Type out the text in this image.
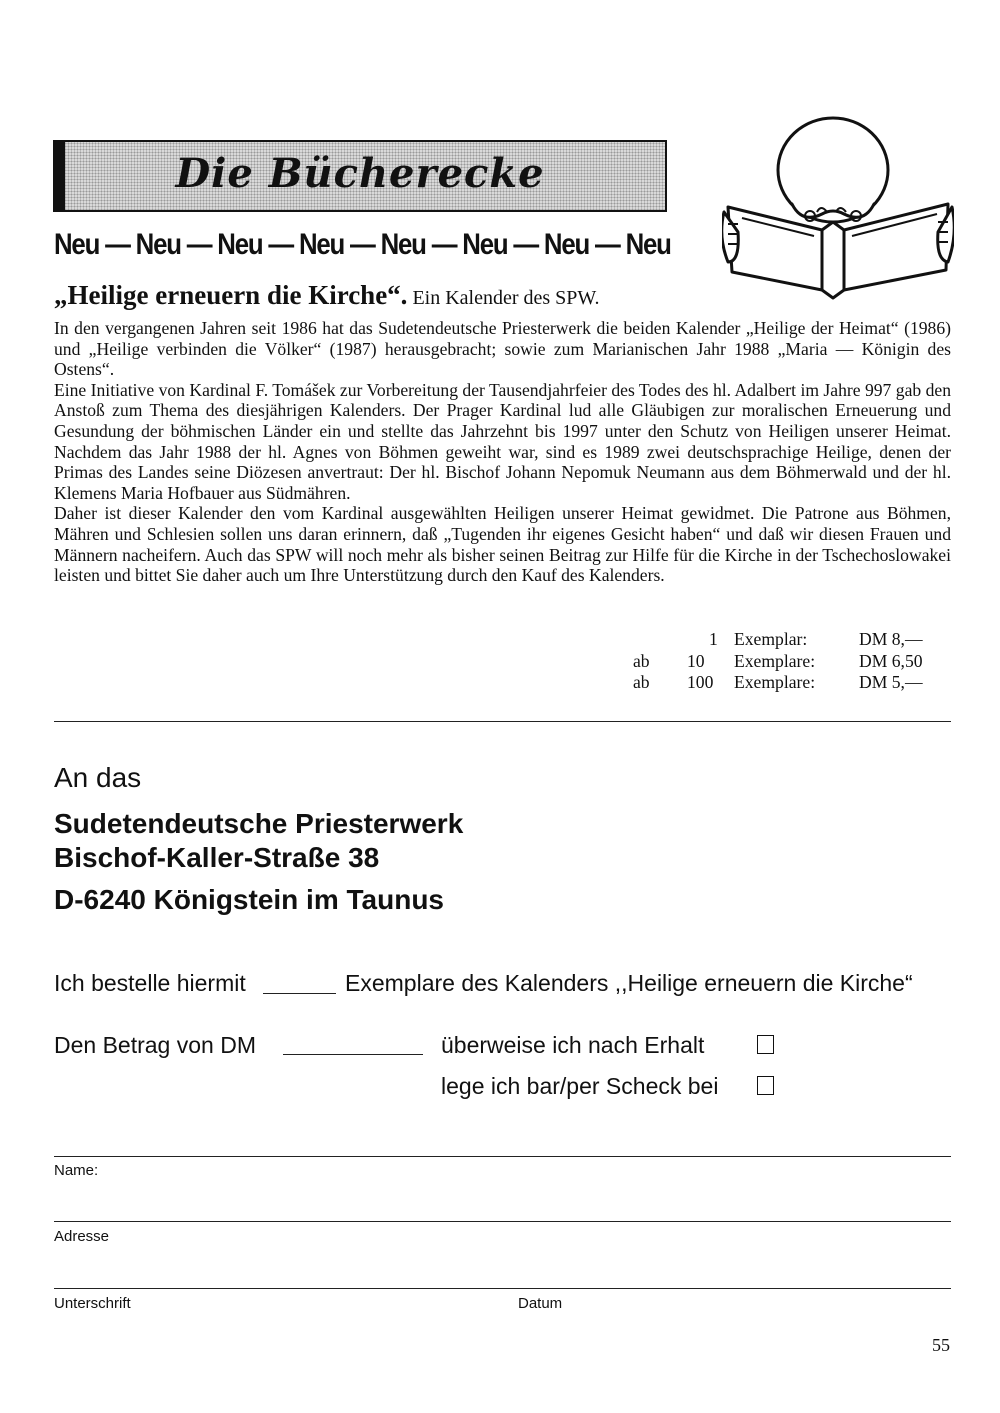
Die Bücherecke
Neu — Neu — Neu — Neu — Neu — Neu — Neu — Neu
„Heilige erneuern die Kirche“. Ein Kalender des SPW.

In den vergangenen Jahren seit 1986 hat das Sudetendeutsche Priesterwerk die beiden Kalender „Heilige der Heimat“ (1986) und „Heilige verbinden die Völker“ (1987) herausgebracht; sowie zum Marianischen Jahr 1988 „Maria — Königin des Ostens“.

Eine Initiative von Kardinal F. Tomášek zur Vorbereitung der Tausendjahrfeier des Todes des hl. Adalbert im Jahre 997 gab den Anstoß zum Thema des diesjährigen Kalenders. Der Prager Kardinal lud alle Gläubigen zur moralischen Erneuerung und Gesundung der böhmischen Länder ein und stellte das Jahrzehnt bis 1997 unter den Schutz von Heiligen unserer Heimat. Nachdem das Jahr 1988 der hl. Agnes von Böhmen geweiht war, sind es 1989 zwei deutschsprachige Heilige, denen der Primas des Landes seine Diözesen anvertraut: Der hl. Bischof Johann Nepomuk Neumann aus dem Böhmerwald und der hl. Klemens Maria Hofbauer aus Südmähren.

Daher ist dieser Kalender den vom Kardinal ausgewählten Heiligen unserer Heimat gewidmet. Die Patrone aus Böhmen, Mähren und Schlesien sollen uns daran erinnern, daß „Tugenden ihr eigenes Gesicht haben“ und daß wir diesen Frauen und Männern nacheifern. Auch das SPW will noch mehr als bisher seinen Beitrag zur Hilfe für die Kirche in der Tschechoslowakei leisten und bittet Sie daher auch um Ihre Unterstützung durch den Kauf des Kalenders.

1 Exemplar:	DM 8,—
ab 10 Exemplare: DM 6,50
ab 100 Exemplare: DM 5,—
An das
Sudetendeutsche Priesterwerk
Bischof-Kaller-Straße 38
D-6240 Königstein im Taunus
Ich bestelle hiermit	Exemplare des Kalenders ,,Heilige erneuern die Kirche“
Den Betrag von DM	überweise ich nach Erhalt
lege ich bar/per Scheck bei
Name:
Adresse
Unterschrift	Datum
55
